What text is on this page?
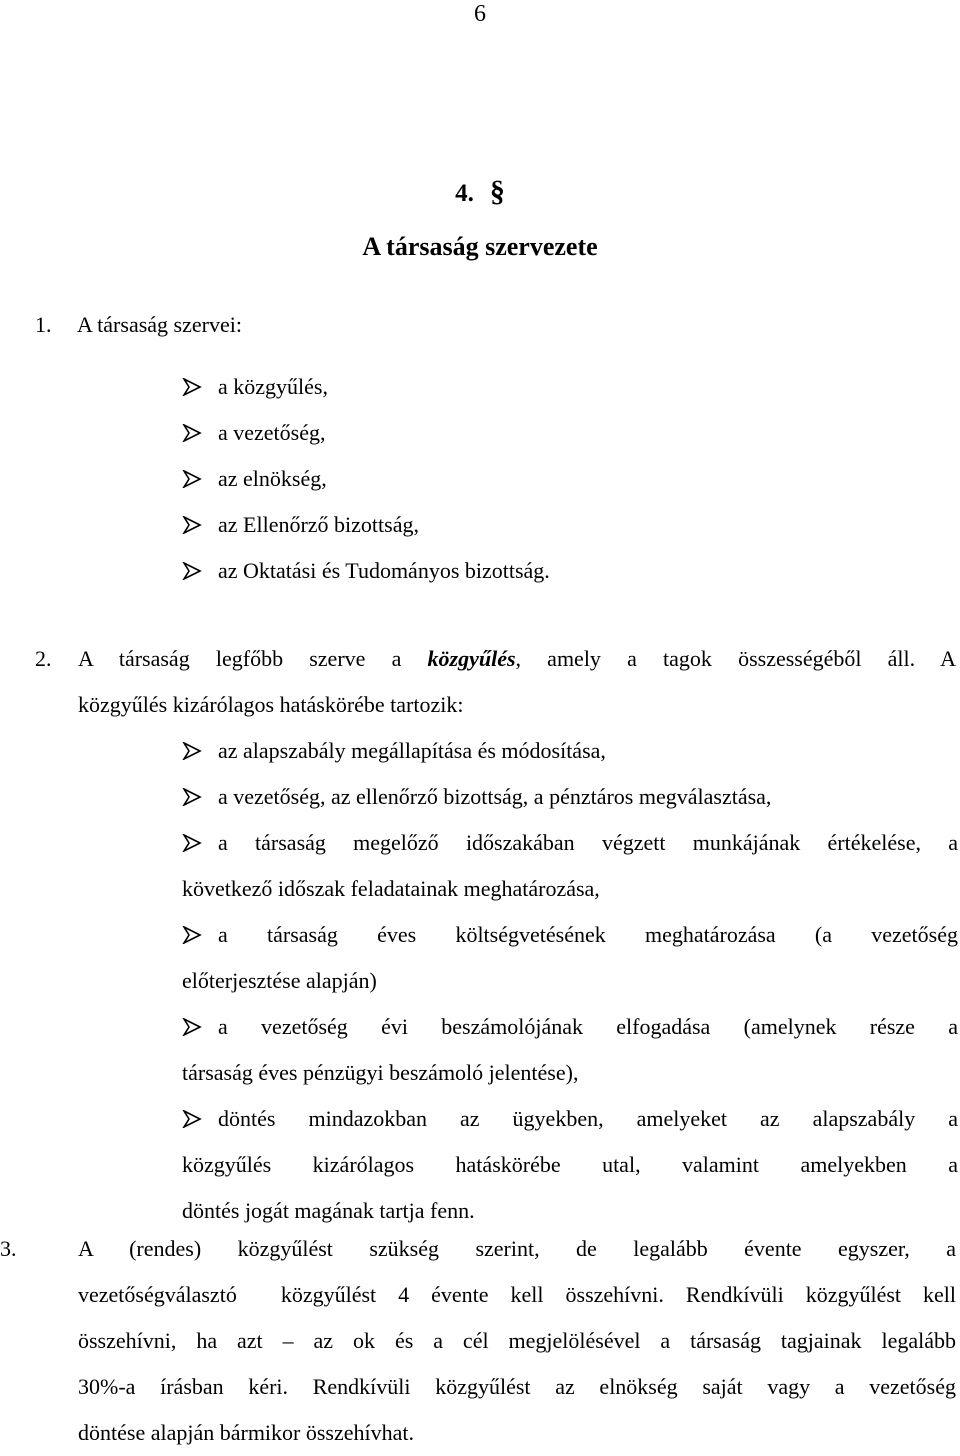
6
4. §
A társaság szervezete
1. A társaság szervei:
a közgyűlés,
a vezetőség,
az elnökség,
az Ellenőrző bizottság,
az Oktatási és Tudományos bizottság.
2. A társaság legfőbb szerve a közgyűlés, amely a tagok összességéből áll. A
közgyűlés kizárólagos hatáskörébe tartozik:
az alapszabály megállapítása és módosítása,
a vezetőség, az ellenőrző bizottság, a pénztáros megválasztása,
a társaság megelőző időszakában végzett munkájának értékelése, a
következő időszak feladatainak meghatározása,
a társaság éves költségvetésének meghatározása (a vezetőség
előterjesztése alapján)
a vezetőség évi beszámolójának elfogadása (amelynek része a
társaság éves pénzügyi beszámoló jelentése),
döntés mindazokban az ügyekben, amelyeket az alapszabály a
közgyűlés kizárólagos hatáskörébe utal, valamint amelyekben a
döntés jogát magának tartja fenn.
3.	A (rendes) közgyűlést szükség szerint, de legalább évente egyszer, a
vezetőségválasztó  közgyűlést 4 évente kell összehívni. Rendkívüli közgyűlést kell
összehívni, ha azt – az ok és a cél megjelölésével a társaság tagjainak legalább
30%-a írásban kéri. Rendkívüli közgyűlést az elnökség saját vagy a vezetőség
döntése alapján bármikor összehívhat.
